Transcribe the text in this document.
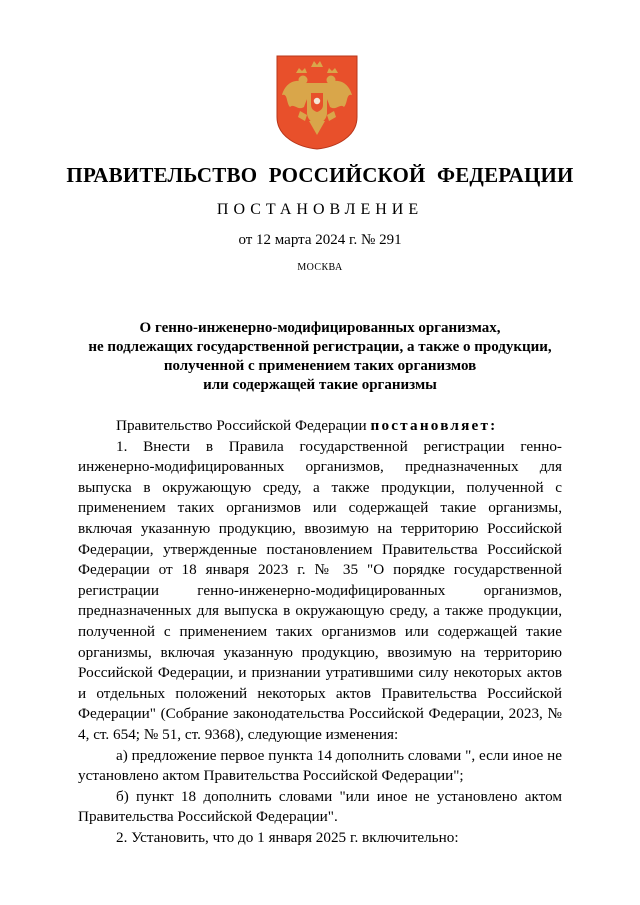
ПРАВИТЕЛЬСТВО РОССИЙСКОЙ ФЕДЕРАЦИИ
ПОСТАНОВЛЕНИЕ
от 12 марта 2024 г. № 291
МОСКВА
О генно-инженерно-модифицированных организмах,
не подлежащих государственной регистрации, а также о продукции,
полученной с применением таких организмов
или содержащей такие организмы

Правительство Российской Федерации постановляет:

1. Внести в Правила государственной регистрации генно-инженерно-модифицированных организмов, предназначенных для выпуска в окружающую среду, а также продукции, полученной с применением таких организмов или содержащей такие организмы, включая указанную продукцию, ввозимую на территорию Российской Федерации, утвержденные постановлением Правительства Российской Федерации от 18 января 2023 г. № 35 "О порядке государственной регистрации генно-инженерно-модифицированных организмов, предназначенных для выпуска в окружающую среду, а также продукции, полученной с применением таких организмов или содержащей такие организмы, включая указанную продукцию, ввозимую на территорию Российской Федерации, и признании утратившими силу некоторых актов и отдельных положений некоторых актов Правительства Российской Федерации" (Собрание законодательства Российской Федерации, 2023, № 4, ст. 654; № 51, ст. 9368), следующие изменения:

а) предложение первое пункта 14 дополнить словами ", если иное не установлено актом Правительства Российской Федерации";

б) пункт 18 дополнить словами "или иное не установлено актом Правительства Российской Федерации".

2. Установить, что до 1 января 2025 г. включительно:
